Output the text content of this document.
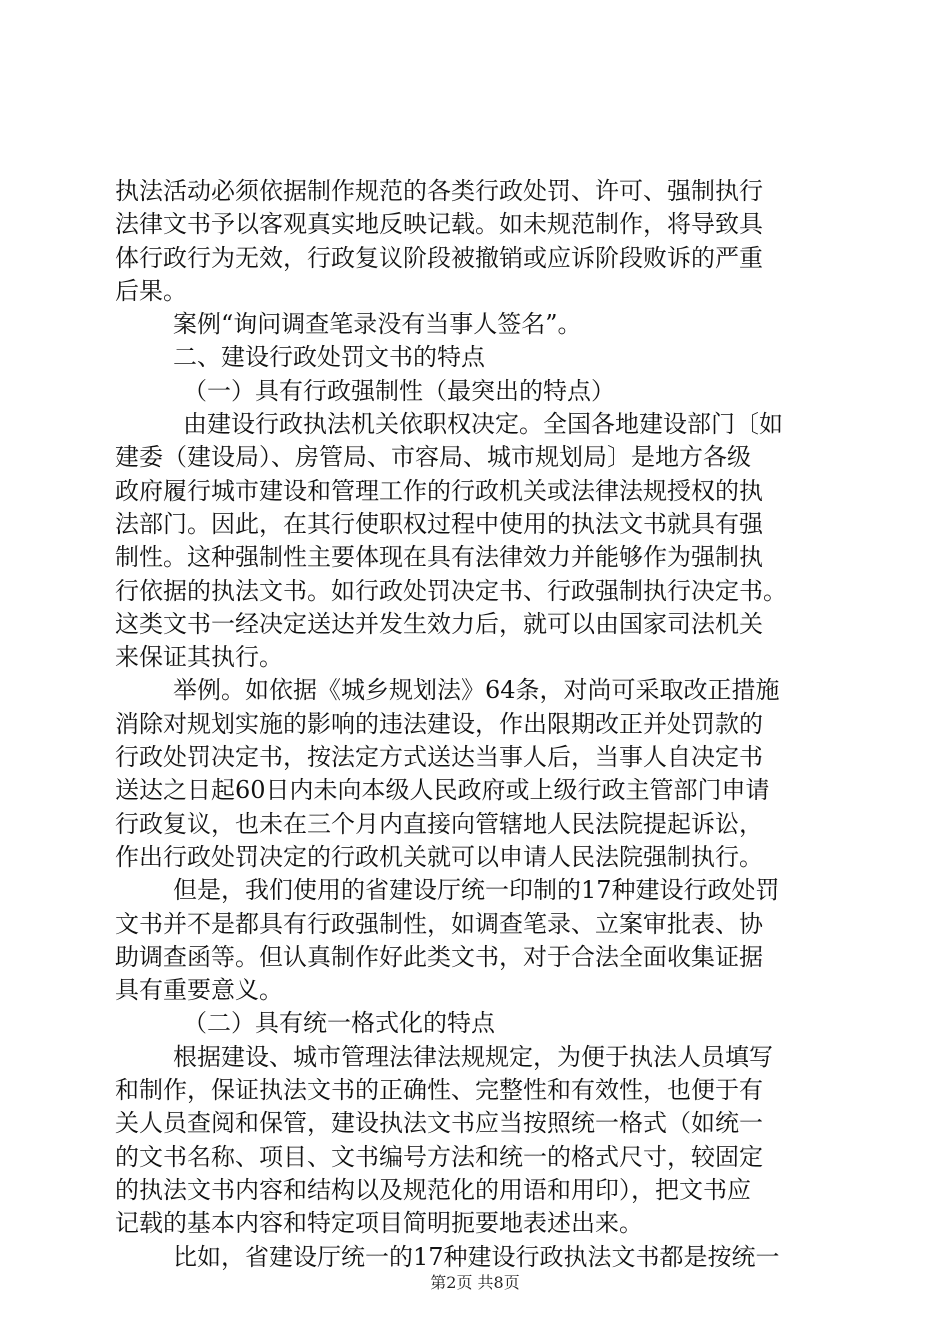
执法活动必须依据制作规范的各类行政处罚、许可、强制执行
法律文书予以客观真实地反映记载。如未规范制作，将导致具
体行政行为无效，行政复议阶段被撤销或应诉阶段败诉的严重
后果。
案例“询问调查笔录没有当事人签名”。
二、建设行政处罚文书的特点
（一）具有行政强制性（最突出的特点）
由建设行政执法机关依职权决定。全国各地建设部门〔如
建委（建设局）、房管局、市容局、城市规划局〕是地方各级
政府履行城市建设和管理工作的行政机关或法律法规授权的执
法部门。因此，在其行使职权过程中使用的执法文书就具有强
制性。这种强制性主要体现在具有法律效力并能够作为强制执
行依据的执法文书。如行政处罚决定书、行政强制执行决定书。
这类文书一经决定送达并发生效力后，就可以由国家司法机关
来保证其执行。
举例。如依据《城乡规划法》64条，对尚可采取改正措施
消除对规划实施的影响的违法建设，作出限期改正并处罚款的
行政处罚决定书，按法定方式送达当事人后，当事人自决定书
送达之日起60日内未向本级人民政府或上级行政主管部门申请
行政复议，也未在三个月内直接向管辖地人民法院提起诉讼，
作出行政处罚决定的行政机关就可以申请人民法院强制执行。
但是，我们使用的省建设厅统一印制的17种建设行政处罚
文书并不是都具有行政强制性，如调查笔录、立案审批表、协
助调查函等。但认真制作好此类文书，对于合法全面收集证据
具有重要意义。
（二）具有统一格式化的特点
根据建设、城市管理法律法规规定，为便于执法人员填写
和制作，保证执法文书的正确性、完整性和有效性，也便于有
关人员查阅和保管，建设执法文书应当按照统一格式（如统一
的文书名称、项目、文书编号方法和统一的格式尺寸，较固定
的执法文书内容和结构以及规范化的用语和用印），把文书应
记载的基本内容和特定项目简明扼要地表述出来。
比如，省建设厅统一的17种建设行政执法文书都是按统一
第2页 共8页
